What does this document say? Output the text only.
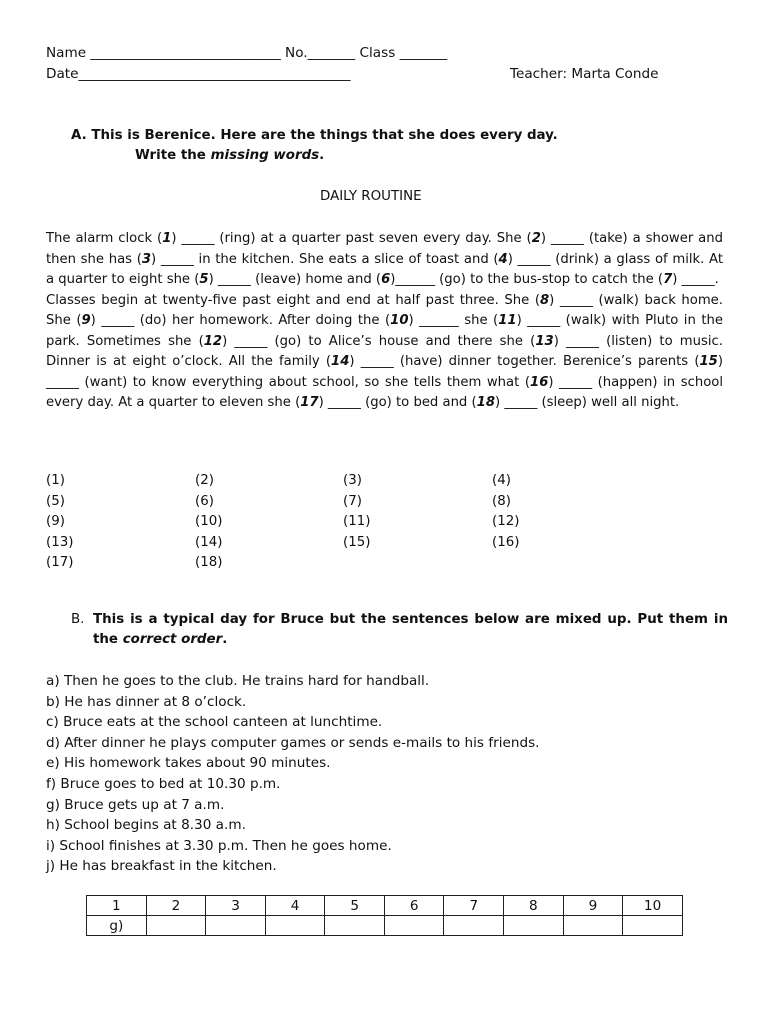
Name ____________________________ No._______ Class _______
Date________________________________________	Teacher: Marta Conde
A. This is Berenice. Here are the things that she does every day.
Write the missing words.
DAILY ROUTINE

The alarm clock (1) _____ (ring) at a quarter past seven every day. She (2) _____ (take) a shower and then she has (3) _____ in the kitchen. She eats a slice of toast and (4) _____ (drink) a glass of milk. At a quarter to eight she (5) _____ (leave) home and (6)______ (go) to the bus-stop to catch the (7) _____.

Classes begin at twenty-five past eight and end at half past three. She (8) _____ (walk) back home. She (9) _____ (do) her homework. After doing the (10) ______ she (11) _____ (walk) with Pluto in the park. Sometimes she (12) _____ (go) to Alice’s house and there she (13) _____ (listen) to music. Dinner is at eight o’clock. All the family (14) _____ (have) dinner together. Berenice’s parents (15) _____ (want) to know everything about school, so she tells them what (16) _____ (happen) in school every day. At a quarter to eleven she (17) _____ (go) to bed and (18) _____ (sleep) well all night.

(1)	(2)	(3)	(4)
(5)	(6)	(7)	(8)
(9)	(10)	(11)	(12)
(13)	(14)	(15)	(16)
(17)	(18)
B. This is a typical day for Bruce but the sentences below are mixed up. Put them in
the correct order.
a) Then he goes to the club. He trains hard for handball.
b) He has dinner at 8 o’clock.
c) Bruce eats at the school canteen at lunchtime.
d) After dinner he plays computer games or sends e-mails to his friends.
e) His homework takes about 90 minutes.
f) Bruce goes to bed at 10.30 p.m.
g) Bruce gets up at 7 a.m.
h) School begins at 8.30 a.m.
i) School finishes at 3.30 p.m. Then he goes home.
j) He has breakfast in the kitchen.
1	2	3	4	5	6	7	8	9	10
g)									
